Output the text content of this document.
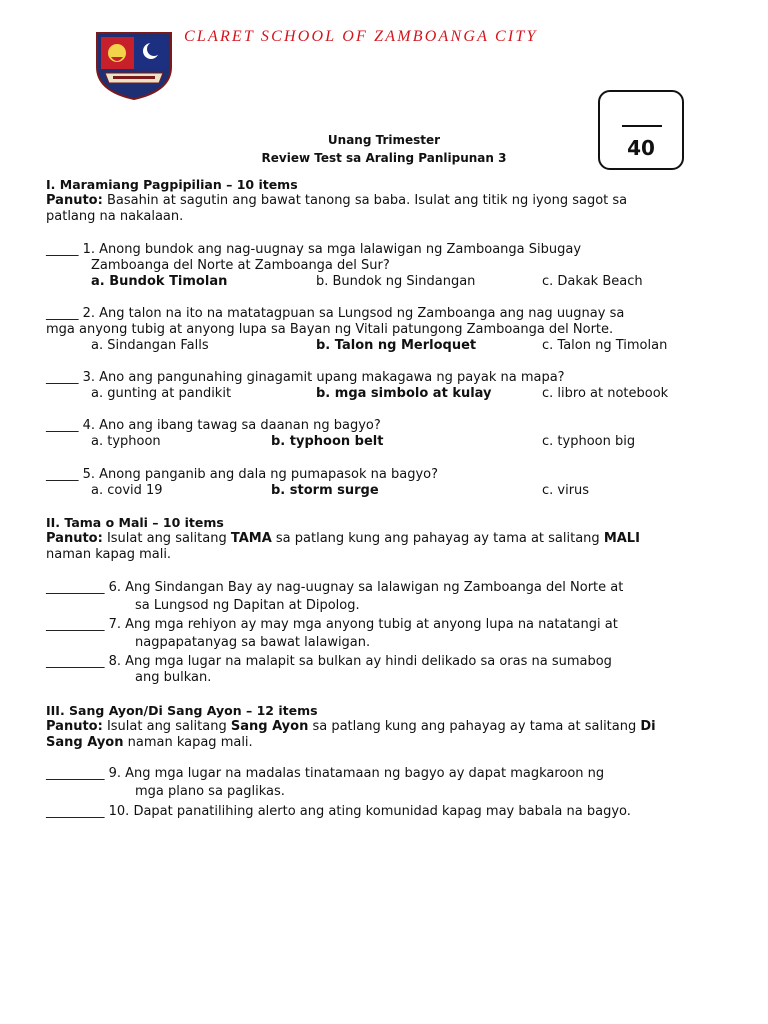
CLARET SCHOOL OF ZAMBOANGA CITY
40
Unang Trimester
Review Test sa Araling Panlipunan 3
I. Maramiang Pagpipilian – 10 items
Panuto: Basahin at sagutin ang bawat tanong sa baba. Isulat ang titik ng iyong sagot sa
patlang na nakalaan.
_____ 1. Anong bundok ang nag-uugnay sa mga lalawigan ng Zamboanga Sibugay
Zamboanga del Norte at Zamboanga del Sur?
a. Bundok Timolan	b. Bundok ng Sindangan	c. Dakak Beach
_____ 2. Ang talon na ito na matatagpuan sa Lungsod ng Zamboanga ang nag uugnay sa
mga anyong tubig at anyong lupa sa Bayan ng Vitali patungong Zamboanga del Norte.
a. Sindangan Falls	b. Talon ng Merloquet	c. Talon ng Timolan
_____ 3. Ano ang pangunahing ginagamit upang makagawa ng payak na mapa?
a. gunting at pandikit	b. mga simbolo at kulay	c. libro at notebook
_____ 4. Ano ang ibang tawag sa daanan ng bagyo?
a. typhoon	b. typhoon belt	c. typhoon big
_____ 5. Anong panganib ang dala ng pumapasok na bagyo?
a. covid 19	b. storm surge	c. virus
II. Tama o Mali – 10 items
Panuto: Isulat ang salitang TAMA sa patlang kung ang pahayag ay tama at salitang MALI
naman kapag mali.
_________ 6. Ang Sindangan Bay ay nag-uugnay sa lalawigan ng Zamboanga del Norte at
sa Lungsod ng Dapitan at Dipolog.
_________ 7. Ang mga rehiyon ay may mga anyong tubig at anyong lupa na natatangi at
nagpapatanyag sa bawat lalawigan.
_________ 8. Ang mga lugar na malapit sa bulkan ay hindi delikado sa oras na sumabog
ang bulkan.
III. Sang Ayon/Di Sang Ayon – 12 items
Panuto: Isulat ang salitang Sang Ayon sa patlang kung ang pahayag ay tama at salitang Di
Sang Ayon naman kapag mali.
_________ 9. Ang mga lugar na madalas tinatamaan ng bagyo ay dapat magkaroon ng
mga plano sa paglikas.
_________ 10. Dapat panatilihing alerto ang ating komunidad kapag may babala na bagyo.
